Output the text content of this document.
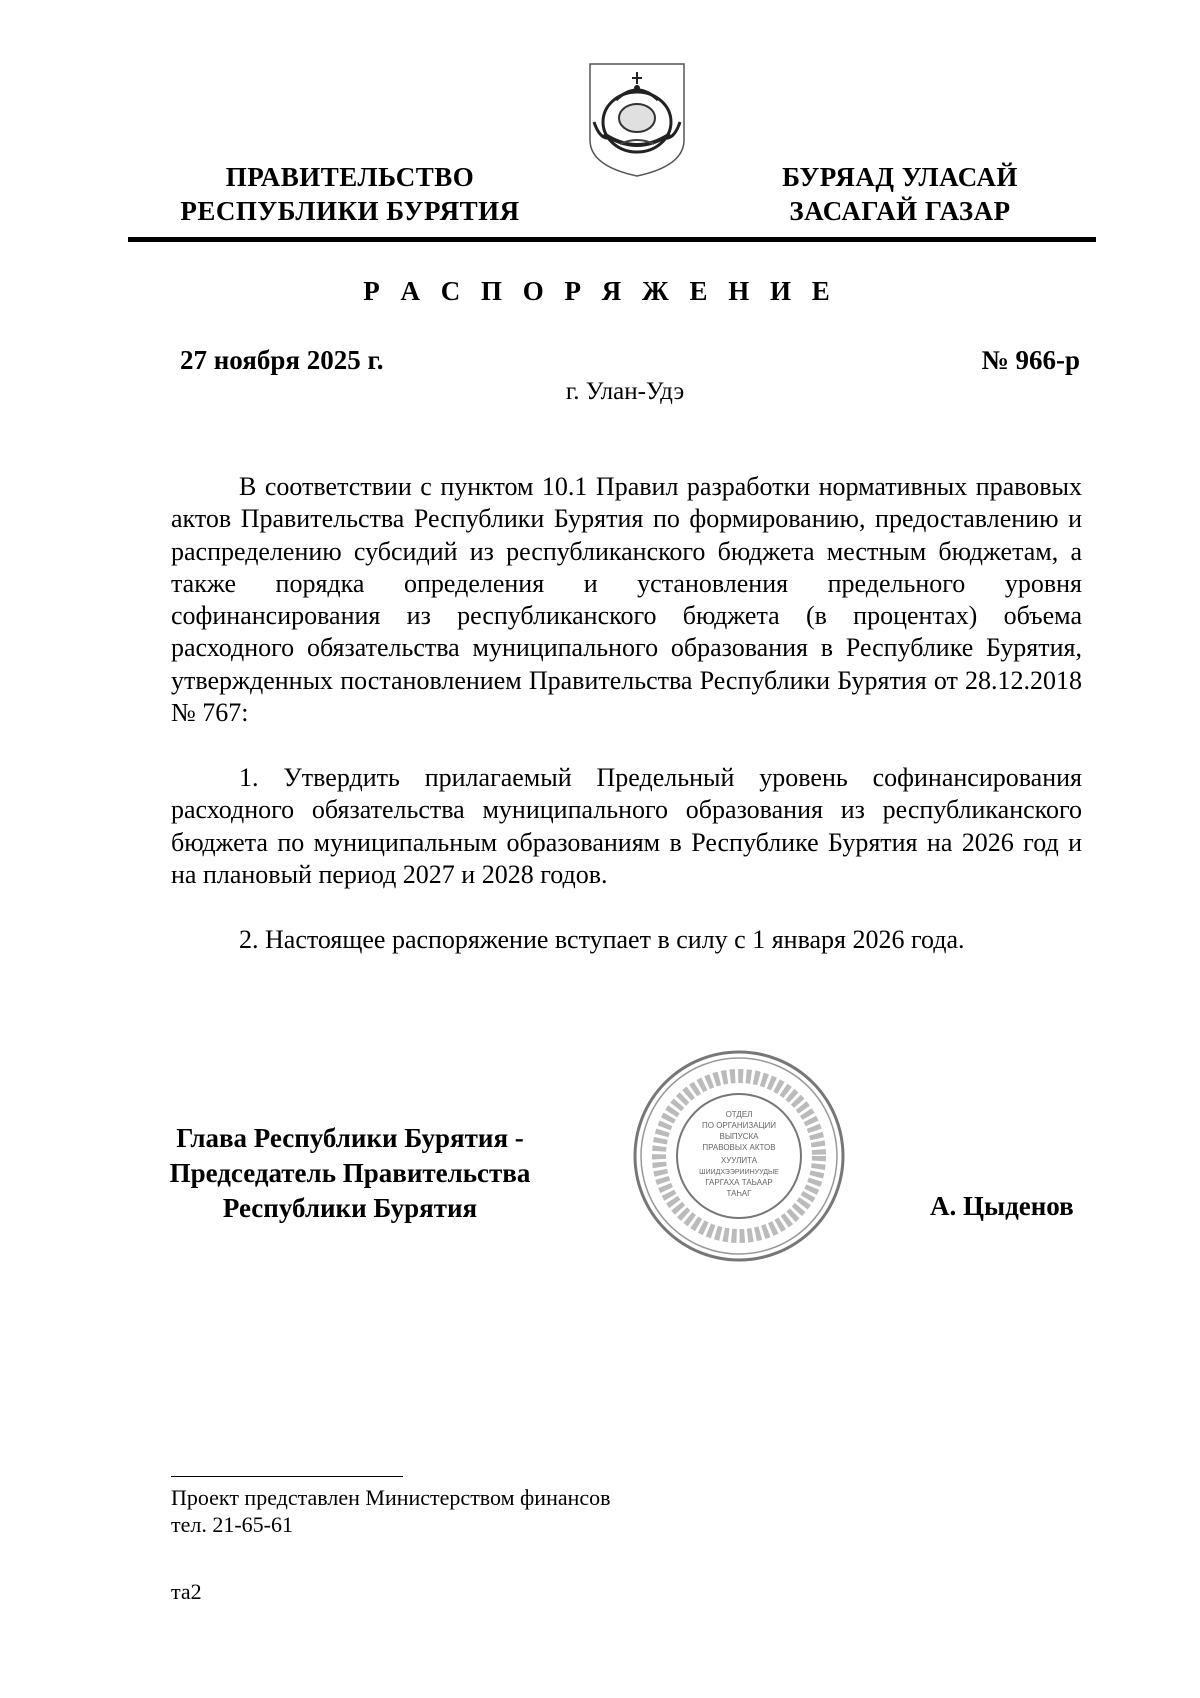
ПРАВИТЕЛЬСТВО
РЕСПУБЛИКИ БУРЯТИЯ
БУРЯАД УЛАСАЙ
ЗАСАГАЙ ГАЗАР
Р А С П О Р Я Ж Е Н И Е
27 ноября 2025 г.	№ 966-р
г. Улан-Удэ

В соответствии с пунктом 10.1 Правил разработки нормативных правовых актов Правительства Республики Бурятия по формированию, предоставлению и распределению субсидий из республиканского бюджета местным бюджетам, а также порядка определения и установления предельного уровня софинансирования из республиканского бюджета (в процентах) объема расходного обязательства муниципального образования в Республике Бурятия, утвержденных постановлением Правительства Республики Бурятия от 28.12.2018 № 767:

1. Утвердить прилагаемый Предельный уровень софинансирования расходного обязательства муниципального образования из республиканского бюджета по муниципальным образованиям в Республике Бурятия на 2026 год и на плановый период 2027 и 2028 годов.

2. Настоящее распоряжение вступает в силу с 1 января 2026 года.

Глава Республики Бурятия -
Председатель Правительства
Республики Бурятия
ОТДЕЛ
ПО ОРГАНИЗАЦИИ
ВЫПУСКА
ПРАВОВЫХ АКТОВ
ХУУЛИТА
ШИИДХЭЭРИИНУУДЫЕ
ГАРГАХА ТАЬААР
ТАҺАГ	А. Цыденов
Проект представлен Министерством финансов
тел. 21-65-61
та2
